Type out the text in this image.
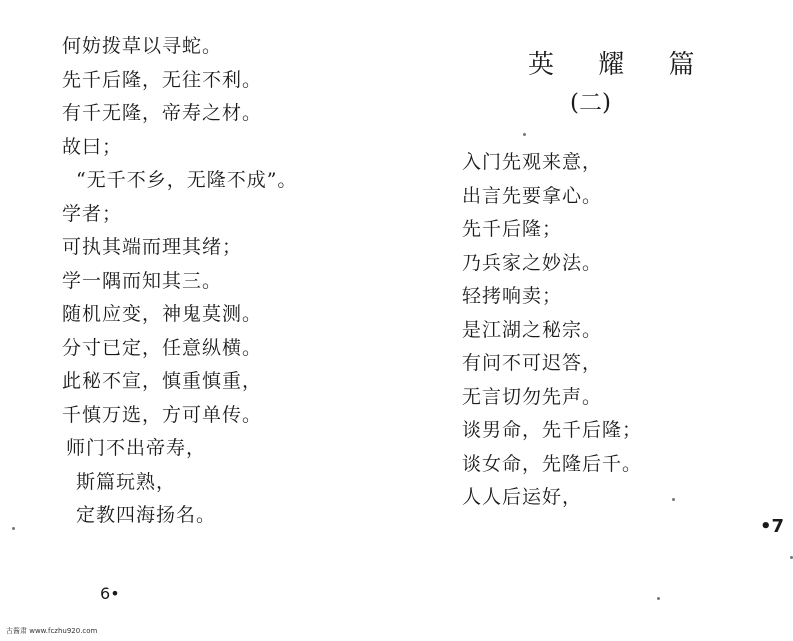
何妨拨草以寻蛇。
先千后隆，无往不利。
有千无隆，帝寿之材。
故曰；
“无千不乡，无隆不成”。
学者；
可执其端而理其绪；
学一隅而知其三。
随机应变，神鬼莫测。
分寸已定，任意纵横。
此秘不宣，慎重慎重，
千慎万选，方可单传。
师门不出帝寿，
斯篇玩熟，
定教四海扬名。
英 耀 篇
(二)
入门先观来意，
出言先要拿心。
先千后隆；
乃兵家之妙法。
轻拷响卖；
是江湖之秘宗。
有问不可迟答，
无言切勿先声。
谈男命，先千后隆；
谈女命，先隆后千。
人人后运好，
6•
•7
古酱肃 www.fczhu920.com
